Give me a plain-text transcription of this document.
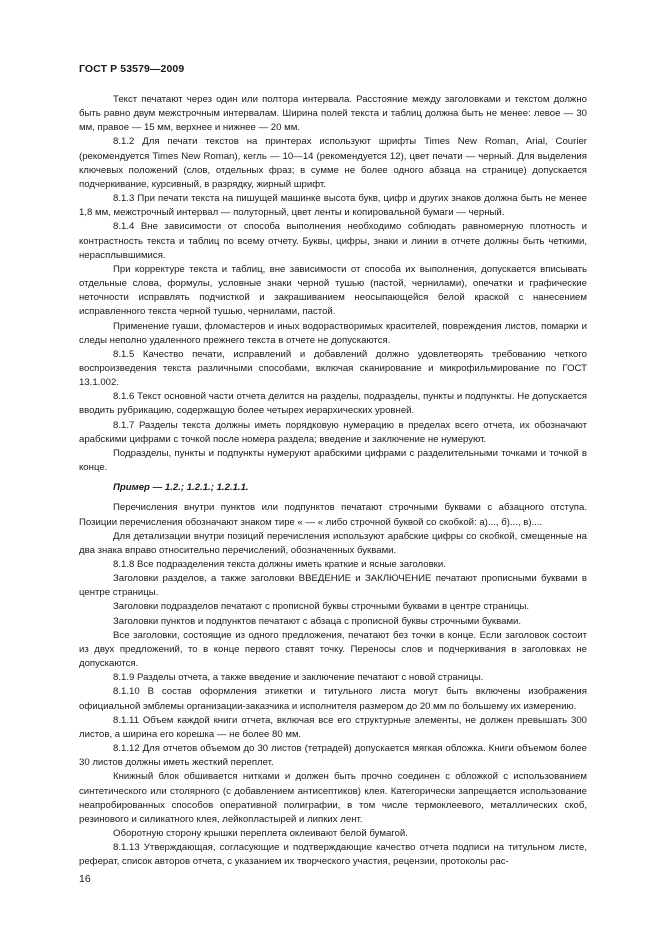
ГОСТ Р 53579—2009

Текст печатают через один или полтора интервала. Расстояние между заголовками и текстом должно быть равно двум межстрочным интервалам. Ширина полей текста и таблиц должна быть не менее: левое — 30 мм, правое — 15 мм, верхнее и нижнее — 20 мм.

8.1.2 Для печати текстов на принтерах используют шрифты Times New Roman, Arial, Courier (рекомендуется Times New Roman), кегль — 10—14 (рекомендуется 12), цвет печати — черный. Для выделения ключевых положений (слов, отдельных фраз; в сумме не более одного абзаца на странице) допускается подчеркивание, курсивный, в разрядку, жирный шрифт.

8.1.3 При печати текста на пишущей машинке высота букв, цифр и других знаков должна быть не менее 1,8 мм, межстрочный интервал — полуторный, цвет ленты и копировальной бумаги — черный.

8.1.4 Вне зависимости от способа выполнения необходимо соблюдать равномерную плотность и контрастность текста и таблиц по всему отчету. Буквы, цифры, знаки и линии в отчете должны быть четкими, нерасплывшимися.

При корректуре текста и таблиц, вне зависимости от способа их выполнения, допускается вписывать отдельные слова, формулы, условные знаки черной тушью (пастой, чернилами), опечатки и графические неточности исправлять подчисткой и закрашиванием неосыпающейся белой краской с нанесением исправленного текста черной тушью, чернилами, пастой.

Применение гуаши, фломастеров и иных водорастворимых красителей, повреждения листов, помарки и следы неполно удаленного прежнего текста в отчете не допускаются.

8.1.5 Качество печати, исправлений и добавлений должно удовлетворять требованию четкого воспроизведения текста различными способами, включая сканирование и микрофильмирование по ГОСТ 13.1.002.

8.1.6 Текст основной части отчета делится на разделы, подразделы, пункты и подпункты. Не допускается вводить рубрикацию, содержащую более четырех иерархических уровней.

8.1.7 Разделы текста должны иметь порядковую нумерацию в пределах всего отчета, их обозначают арабскими цифрами с точкой после номера раздела; введение и заключение не нумеруют.

Подразделы, пункты и подпункты нумеруют арабскими цифрами с разделительными точками и точкой в конце.

Пример — 1.2.; 1.2.1.; 1.2.1.1.

Перечисления внутри пунктов или подпунктов печатают строчными буквами с абзацного отступа. Позиции перечисления обозначают знаком тире « — « либо строчной буквой со скобкой: а)..., б)..., в)....

Для детализации внутри позиций перечисления используют арабские цифры со скобкой, смещенные на два знака вправо относительно перечислений, обозначенных буквами.

8.1.8 Все подразделения текста должны иметь краткие и ясные заголовки.

Заголовки разделов, а также заголовки ВВЕДЕНИЕ и ЗАКЛЮЧЕНИЕ печатают прописными буквами в центре страницы.

Заголовки подразделов печатают с прописной буквы строчными буквами в центре страницы.

Заголовки пунктов и подпунктов печатают с абзаца с прописной буквы строчными буквами.

Все заголовки, состоящие из одного предложения, печатают без точки в конце. Если заголовок состоит из двух предложений, то в конце первого ставят точку. Переносы слов и подчеркивания в заголовках не допускаются.

8.1.9 Разделы отчета, а также введение и заключение печатают с новой страницы.

8.1.10 В состав оформления этикетки и титульного листа могут быть включены изображения официальной эмблемы организации-заказчика и исполнителя размером до 20 мм по большему их измерению.

8.1.11 Объем каждой книги отчета, включая все его структурные элементы, не должен превышать 300 листов, а ширина его корешка — не более 80 мм.

8.1.12 Для отчетов объемом до 30 листов (тетрадей) допускается мягкая обложка. Книги объемом более 30 листов должны иметь жесткий переплет.

Книжный блок обшивается нитками и должен быть прочно соединен с обложкой с использованием синтетического или столярного (с добавлением антисептиков) клея. Категорически запрещается использование неапробированных способов оперативной полиграфии, в том числе термоклеевого, металлических скоб, резинового и силикатного клея, лейкопластырей и липких лент.

Оборотную сторону крышки переплета оклеивают белой бумагой.

8.1.13 Утверждающая, согласующие и подтверждающие качество отчета подписи на титульном листе, реферат, список авторов отчета, с указанием их творческого участия, рецензии, протоколы рас-

16
